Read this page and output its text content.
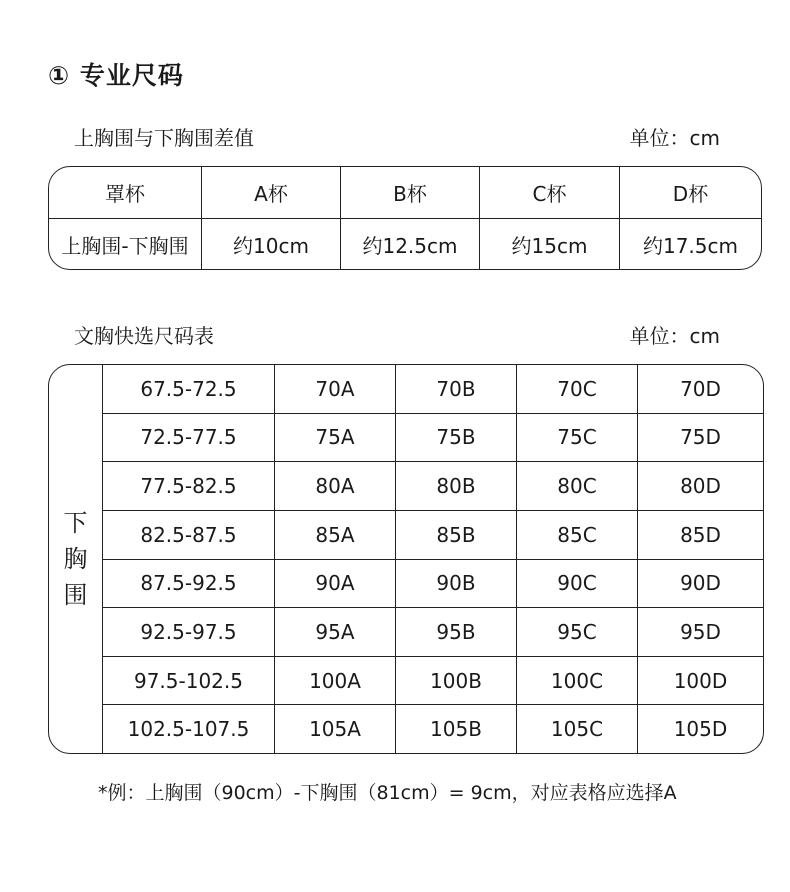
① 专业尺码
上胸围与下胸围差值	单位：cm
罩杯	A杯	B杯	C杯	D杯
上胸围-下胸围	约10cm	约12.5cm	约15cm	约17.5cm
文胸快选尺码表	单位：cm
下
胸
围
67.5-72.5	70A	70B	70C	70D
72.5-77.5	75A	75B	75C	75D
77.5-82.5	80A	80B	80C	80D
82.5-87.5	85A	85B	85C	85D
87.5-92.5	90A	90B	90C	90D
92.5-97.5	95A	95B	95C	95D
97.5-102.5	100A	100B	100C	100D
102.5-107.5	105A	105B	105C	105D
*例：上胸围（90cm）-下胸围（81cm）= 9cm，对应表格应选择A
